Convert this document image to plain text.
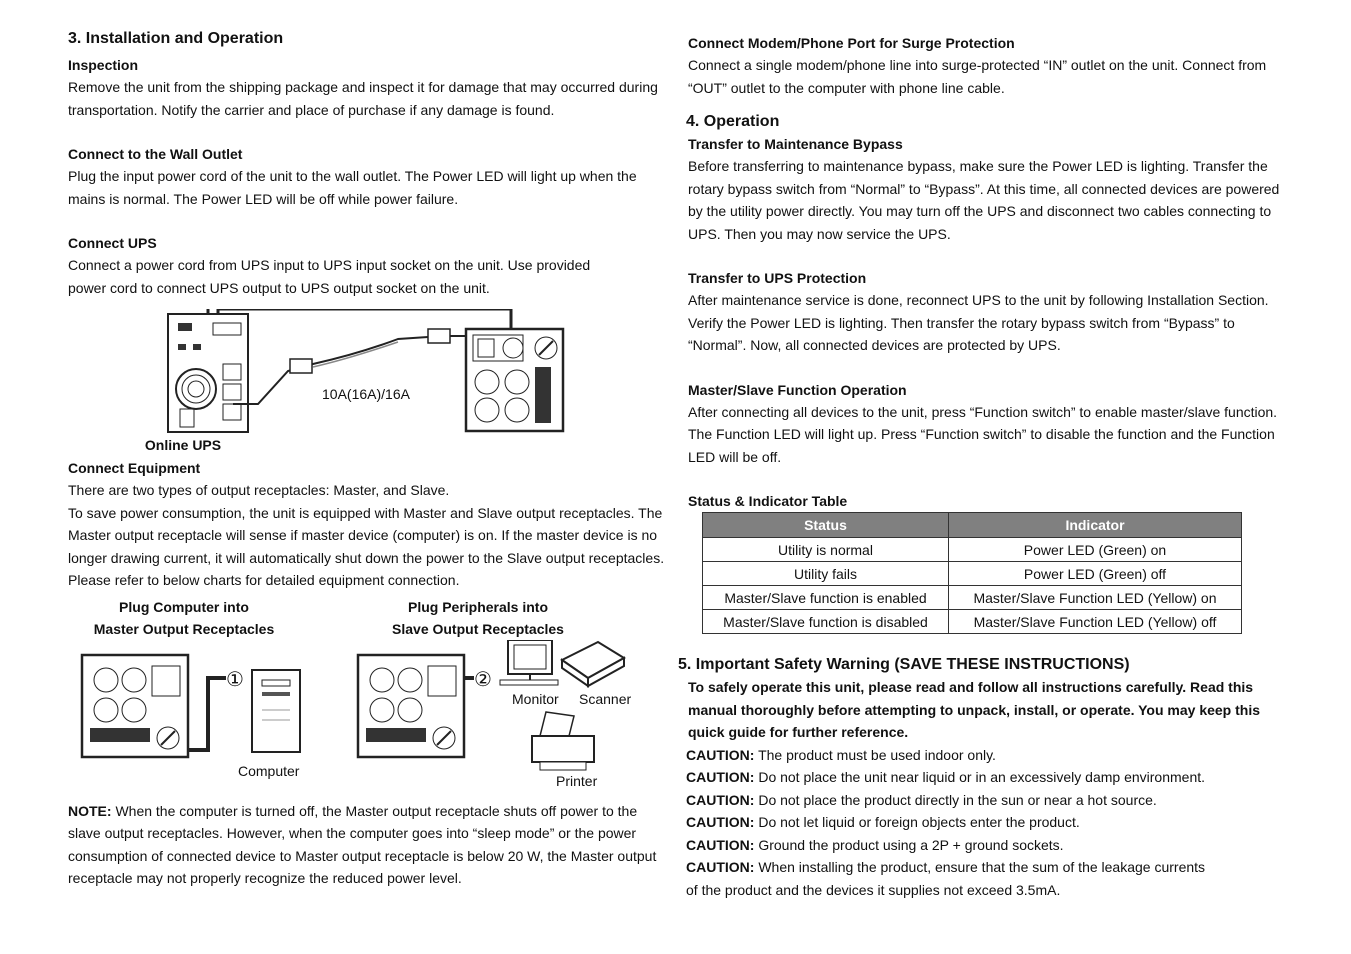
3. Installation and Operation
Inspection

Remove the unit from the shipping package and inspect it for damage that may occurred during transportation. Notify the carrier and place of purchase if any damage is found.

Connect to the Wall Outlet

Plug the input power cord of the unit to the wall outlet. The Power LED will light up when the mains is normal. The Power LED will be off while power failure.

Connect UPS

Connect a power cord from UPS input to UPS input socket on the unit. Use provided

power cord to connect UPS output to UPS output socket on the unit.

10A(16A)/16A
Online UPS
Connect Equipment

There are two types of output receptacles: Master, and Slave.

To save power consumption, the unit is equipped with Master and Slave output receptacles. The Master output receptacle will sense if master device (computer) is on. If the master device is no longer drawing current, it will automatically shut down the power to the Slave output receptacles. Please refer to below charts for detailed equipment connection.

Plug Computer into
Master Output Receptacles
Plug Peripherals into
Slave Output Receptacles
①
Computer
②
Monitor Scanner
Printer

NOTE: When the computer is turned off, the Master output receptacle shuts off power to the slave output receptacles. However, when the computer goes into “sleep mode” or the power consumption of connected device to Master output receptacle is below 20 W, the Master output receptacle may not properly recognize the reduced power level.

Connect Modem/Phone Port for Surge Protection

Connect a single modem/phone line into surge-protected “IN” outlet on the unit. Connect from “OUT” outlet to the computer with phone line cable.

4. Operation
Transfer to Maintenance Bypass

Before transferring to maintenance bypass, make sure the Power LED is lighting. Transfer the rotary bypass switch from “Normal” to “Bypass”. At this time, all connected devices are powered by the utility power directly. You may turn off the UPS and disconnect two cables connecting to UPS. Then you may now service the UPS.

Transfer to UPS Protection

After maintenance service is done, reconnect UPS to the unit by following Installation Section. Verify the Power LED is lighting. Then transfer the rotary bypass switch from “Bypass” to “Normal”. Now, all connected devices are protected by UPS.

Master/Slave Function Operation

After connecting all devices to the unit, press “Function switch” to enable master/slave function. The Function LED will light up. Press “Function switch” to disable the function and the Function LED will be off.

Status & Indicator Table
Status	Indicator
Utility is normal	Power LED (Green) on
Utility fails	Power LED (Green) off
Master/Slave function is enabled	Master/Slave Function LED (Yellow) on
Master/Slave function is disabled	Master/Slave Function LED (Yellow) off
5. Important Safety Warning (SAVE THESE INSTRUCTIONS)

To safely operate this unit, please read and follow all instructions carefully. Read this manual thoroughly before attempting to unpack, install, or operate. You may keep this quick guide for further reference.

CAUTION: The product must be used indoor only.

CAUTION: Do not place the unit near liquid or in an excessively damp environment.

CAUTION: Do not place the product directly in the sun or near a hot source.

CAUTION: Do not let liquid or foreign objects enter the product.

CAUTION: Ground the product using a 2P + ground sockets.

CAUTION: When installing the product, ensure that the sum of the leakage currents

of the product and the devices it supplies not exceed 3.5mA.
